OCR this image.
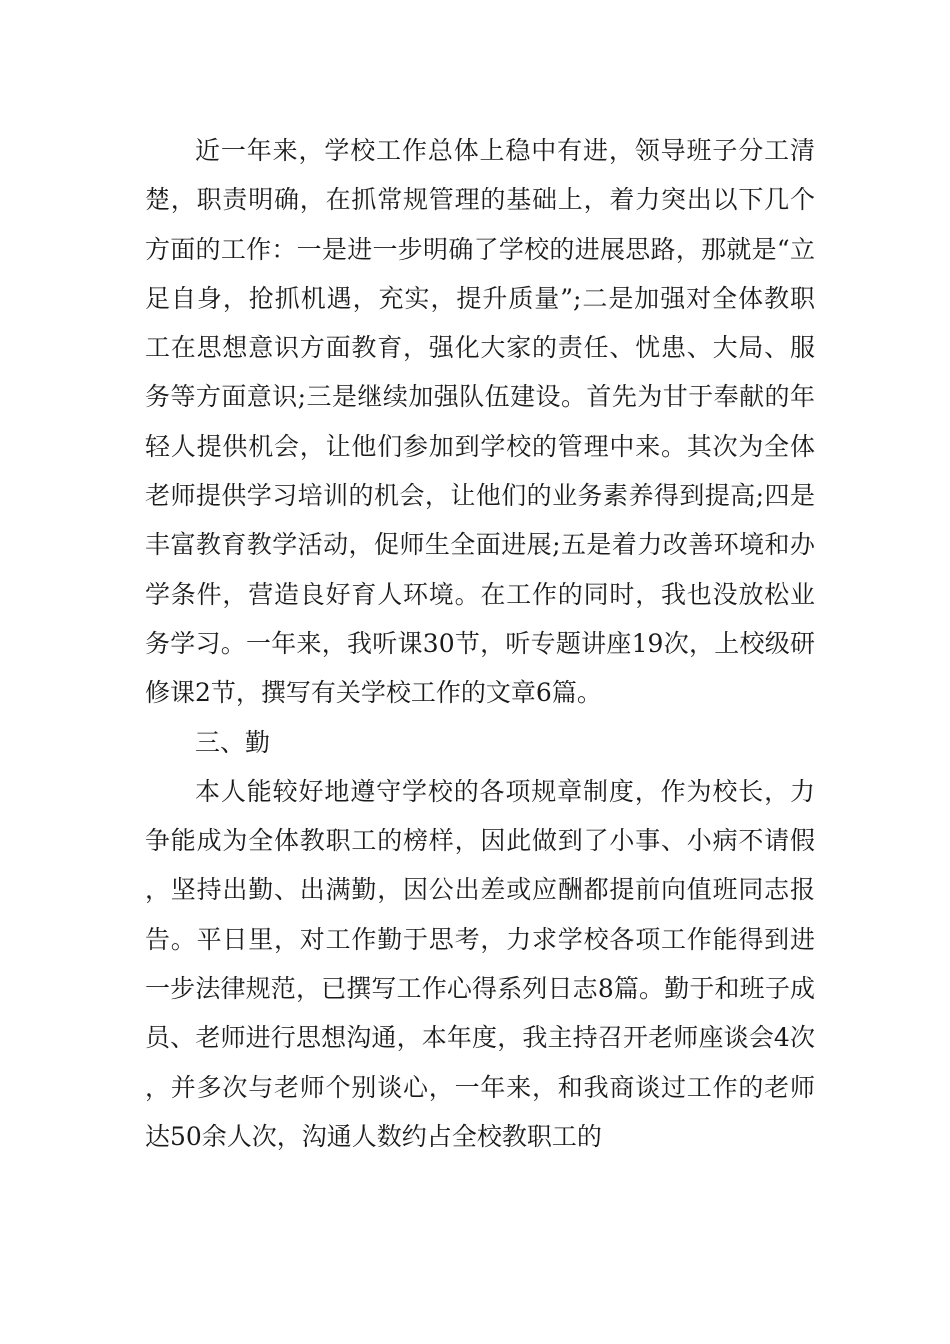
近一年来，学校工作总体上稳中有进，领导班子分工清楚，职责明确，在抓常规管理的基础上，着力突出以下几个方面的工作：一是进一步明确了学校的进展思路，那就是“立足自身，抢抓机遇，充实，提升质量”;二是加强对全体教职工在思想意识方面教育，强化大家的责任、忧患、大局、服务等方面意识;三是继续加强队伍建设。首先为甘于奉献的年轻人提供机会，让他们参加到学校的管理中来。其次为全体老师提供学习培训的机会，让他们的业务素养得到提高;四是丰富教育教学活动，促师生全面进展;五是着力改善环境和办学条件，营造良好育人环境。在工作的同时，我也没放松业务学习。一年来，我听课30节，听专题讲座19次，上校级研修课2节，撰写有关学校工作的文章6篇。

三、勤

本人能较好地遵守学校的各项规章制度，作为校长，力争能成为全体教职工的榜样，因此做到了小事、小病不请假，坚持出勤、出满勤，因公出差或应酬都提前向值班同志报告。平日里，对工作勤于思考，力求学校各项工作能得到进一步法律规范，已撰写工作心得系列日志8篇。勤于和班子成员、老师进行思想沟通，本年度，我主持召开老师座谈会4次，并多次与老师个别谈心，一年来，和我商谈过工作的老师达50余人次，沟通人数约占全校教职工的
